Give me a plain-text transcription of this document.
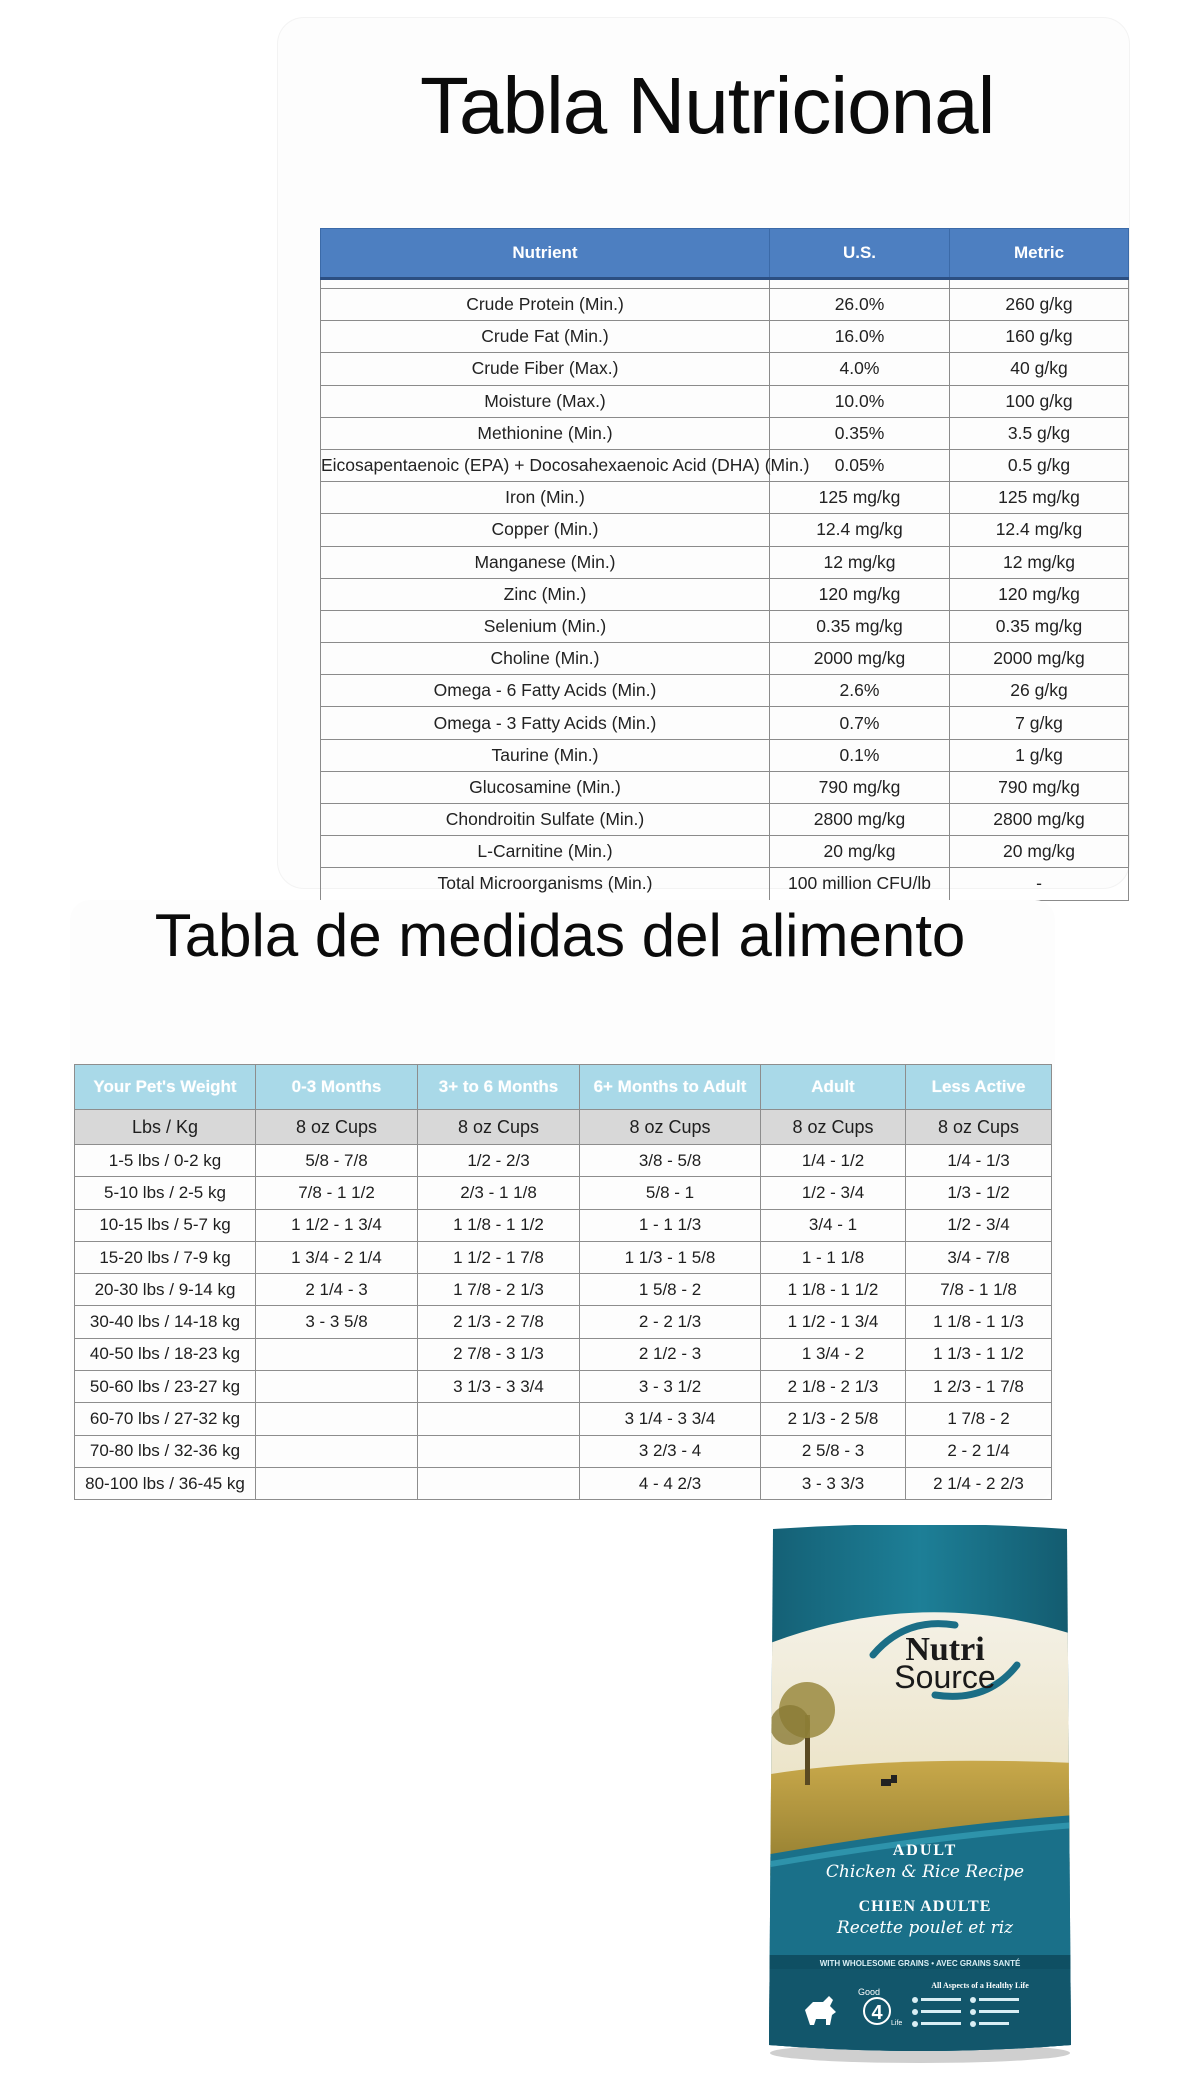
Tabla Nutricional
Nutrient	U.S.	Metric

Crude Protein (Min.)	26.0%	260 g/kg
Crude Fat (Min.)	16.0%	160 g/kg
Crude Fiber (Max.)	4.0%	40 g/kg
Moisture (Max.)	10.0%	100 g/kg
Methionine (Min.)	0.35%	3.5 g/kg
Eicosapentaenoic (EPA) + Docosahexaenoic Acid (DHA) (Min.)	0.05%	0.5 g/kg
Iron (Min.)	125 mg/kg	125 mg/kg
Copper (Min.)	12.4 mg/kg	12.4 mg/kg
Manganese (Min.)	12 mg/kg	12 mg/kg
Zinc (Min.)	120 mg/kg	120 mg/kg
Selenium (Min.)	0.35 mg/kg	0.35 mg/kg
Choline (Min.)	2000 mg/kg	2000 mg/kg
Omega - 6 Fatty Acids (Min.)	2.6%	26 g/kg
Omega - 3 Fatty Acids (Min.)	0.7%	7 g/kg
Taurine (Min.)	0.1%	1 g/kg
Glucosamine (Min.)	790 mg/kg	790 mg/kg
Chondroitin Sulfate (Min.)	2800 mg/kg	2800 mg/kg
L-Carnitine (Min.)	20 mg/kg	20 mg/kg
Total Microorganisms (Min.)	100 million CFU/lb	-
Tabla de medidas del alimento
Your Pet's Weight	0-3 Months	3+ to 6 Months	6+ Months to Adult	Adult	Less Active
Lbs / Kg	8 oz Cups	8 oz Cups	8 oz Cups	8 oz Cups	8 oz Cups
1-5 lbs / 0-2 kg	5/8 - 7/8	1/2 - 2/3	3/8 - 5/8	1/4 - 1/2	1/4 - 1/3
5-10 lbs / 2-5 kg	7/8 - 1 1/2	2/3 - 1 1/8	5/8 - 1	1/2 - 3/4	1/3 - 1/2
10-15 lbs / 5-7 kg	1 1/2 - 1 3/4	1 1/8 - 1 1/2	1 - 1 1/3	3/4 - 1	1/2 - 3/4
15-20 lbs / 7-9 kg	1 3/4 - 2 1/4	1 1/2 - 1 7/8	1 1/3 - 1 5/8	1 - 1 1/8	3/4 - 7/8
20-30 lbs / 9-14 kg	2 1/4 - 3	1 7/8 - 2 1/3	1 5/8 - 2	1 1/8 - 1 1/2	7/8 - 1 1/8
30-40 lbs / 14-18 kg	3 - 3 5/8	2 1/3 - 2 7/8	2 - 2 1/3	1 1/2 - 1 3/4	1 1/8 - 1 1/3
40-50 lbs / 18-23 kg		2 7/8 - 3 1/3	2 1/2 - 3	1 3/4 - 2	1 1/3 - 1 1/2
50-60 lbs / 23-27 kg		3 1/3 - 3 3/4	3 - 3 1/2	2 1/8 - 2 1/3	1 2/3 - 1 7/8
60-70 lbs / 27-32 kg			3 1/4 - 3 3/4	2 1/3 - 2 5/8	1 7/8 - 2
70-80 lbs / 32-36 kg			3 2/3 - 4	2 5/8 - 3	2 - 2 1/4
80-100 lbs / 36-45 kg			4 - 4 2/3	3 - 3 3/3	2 1/4 - 2 2/3
Nutri
Source
ADULT
Chicken & Rice Recipe
CHIEN ADULTE
Recette poulet et riz
WITH WHOLESOME GRAINS • AVEC GRAINS SANTÉ
Good
4 Life
All Aspects of a Healthy Life
